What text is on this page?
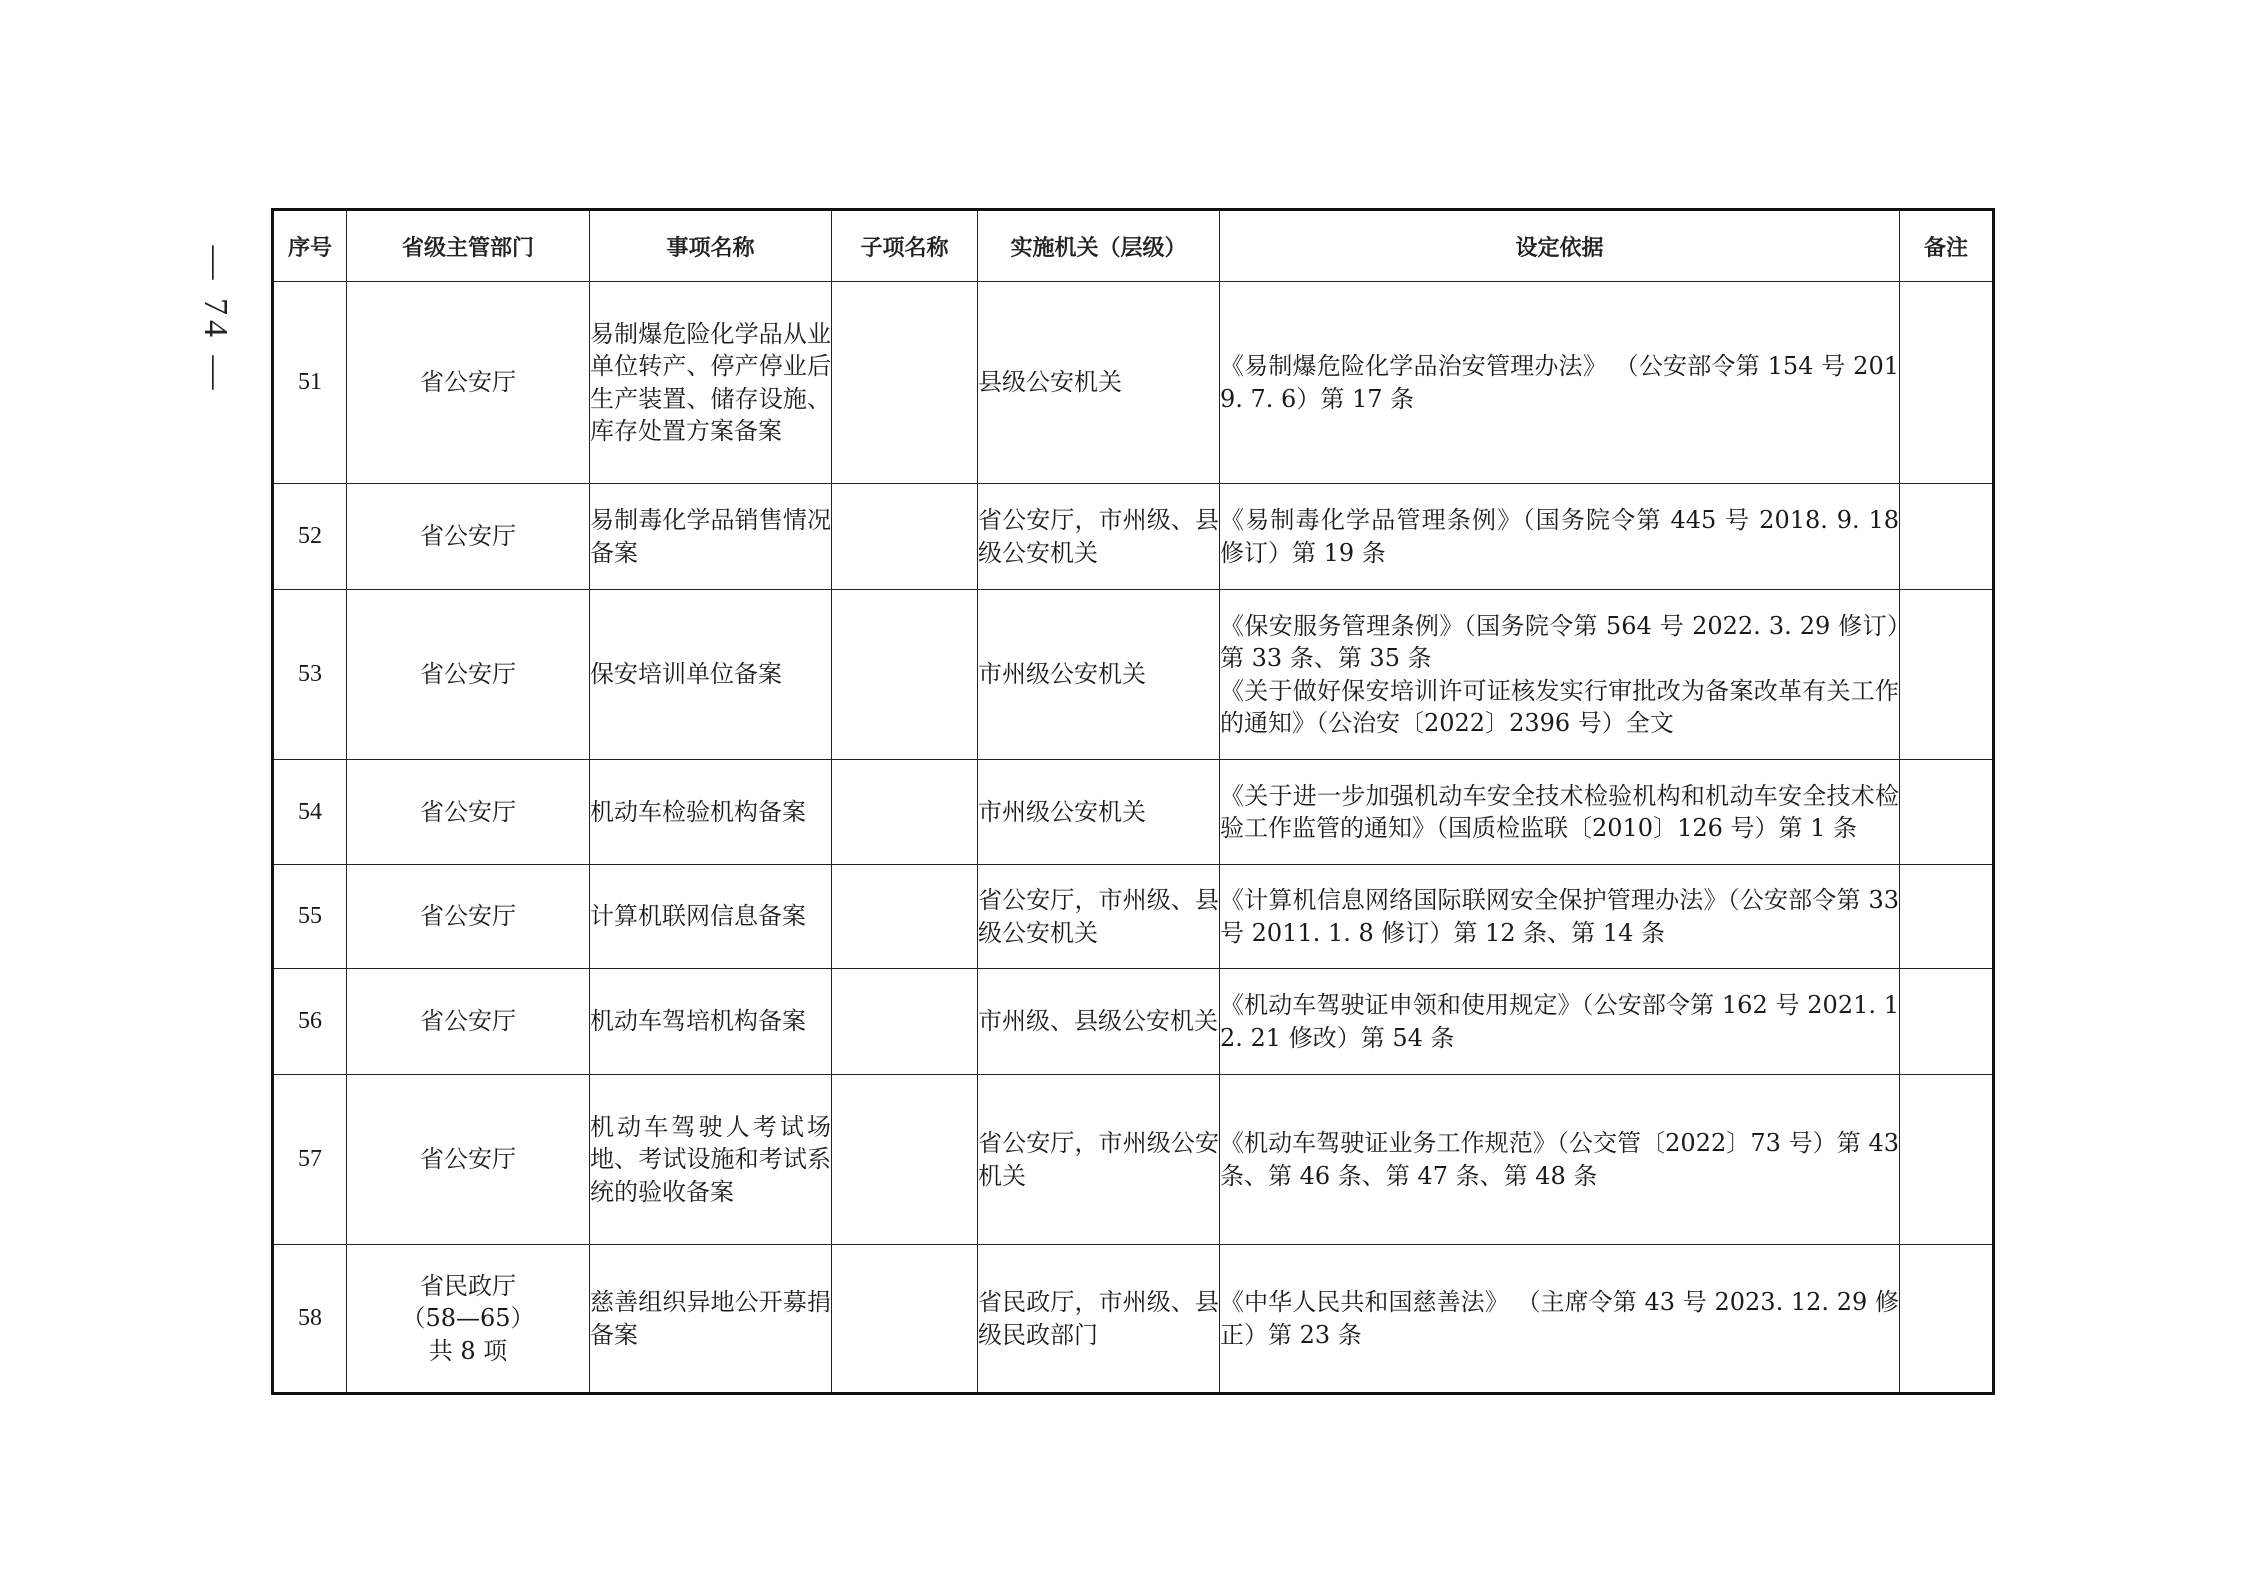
— 74 — 序号	省级主管部门	事项名称	子项名称	实施机关（层级）	设定依据	备注
51	省公安厅	易制爆危险化学品从业单位转产、停产停业后生产装置、储存设施、库存处置方案备案		县级公安机关	《易制爆危险化学品治安管理办法》 （公安部令第 154 号 2019. 7. 6）第 17 条	

52	省公安厅	易制毒化学品销售情况备案		省公安厅，市州级、县级公安机关	《易制毒化学品管理条例》（国务院令第 445 号 2018. 9. 18 修订）第 19 条	

53	省公安厅	保安培训单位备案		市州级公安机关	《保安服务管理条例》（国务院令第 564 号 2022. 3. 29 修订）第 33 条、第 35 条

《关于做好保安培训许可证核发实行审批改为备案改革有关工作的通知》（公治安〔2022〕2396 号）全文	

54	省公安厅	机动车检验机构备案		市州级公安机关	《关于进一步加强机动车安全技术检验机构和机动车安全技术检验工作监管的通知》（国质检监联〔2010〕126 号）第 1 条	

55	省公安厅	计算机联网信息备案		省公安厅，市州级、县级公安机关	《计算机信息网络国际联网安全保护管理办法》（公安部令第 33 号 2011. 1. 8 修订）第 12 条、第 14 条	

56	省公安厅	机动车驾培机构备案		市州级、县级公安机关	《机动车驾驶证申领和使用规定》（公安部令第 162 号 2021. 12. 21 修改）第 54 条	

57	省公安厅	机动车驾驶人考试场地、考试设施和考试系统的验收备案		省公安厅，市州级公安机关	《机动车驾驶证业务工作规范》（公交管〔2022〕73 号）第 43 条、第 46 条、第 47 条、第 48 条	

58	省民政厅
（58—65）
共 8 项	慈善组织异地公开募捐备案		省民政厅，市州级、县级民政部门	《中华人民共和国慈善法》 （主席令第 43 号 2023. 12. 29 修正）第 23 条	
